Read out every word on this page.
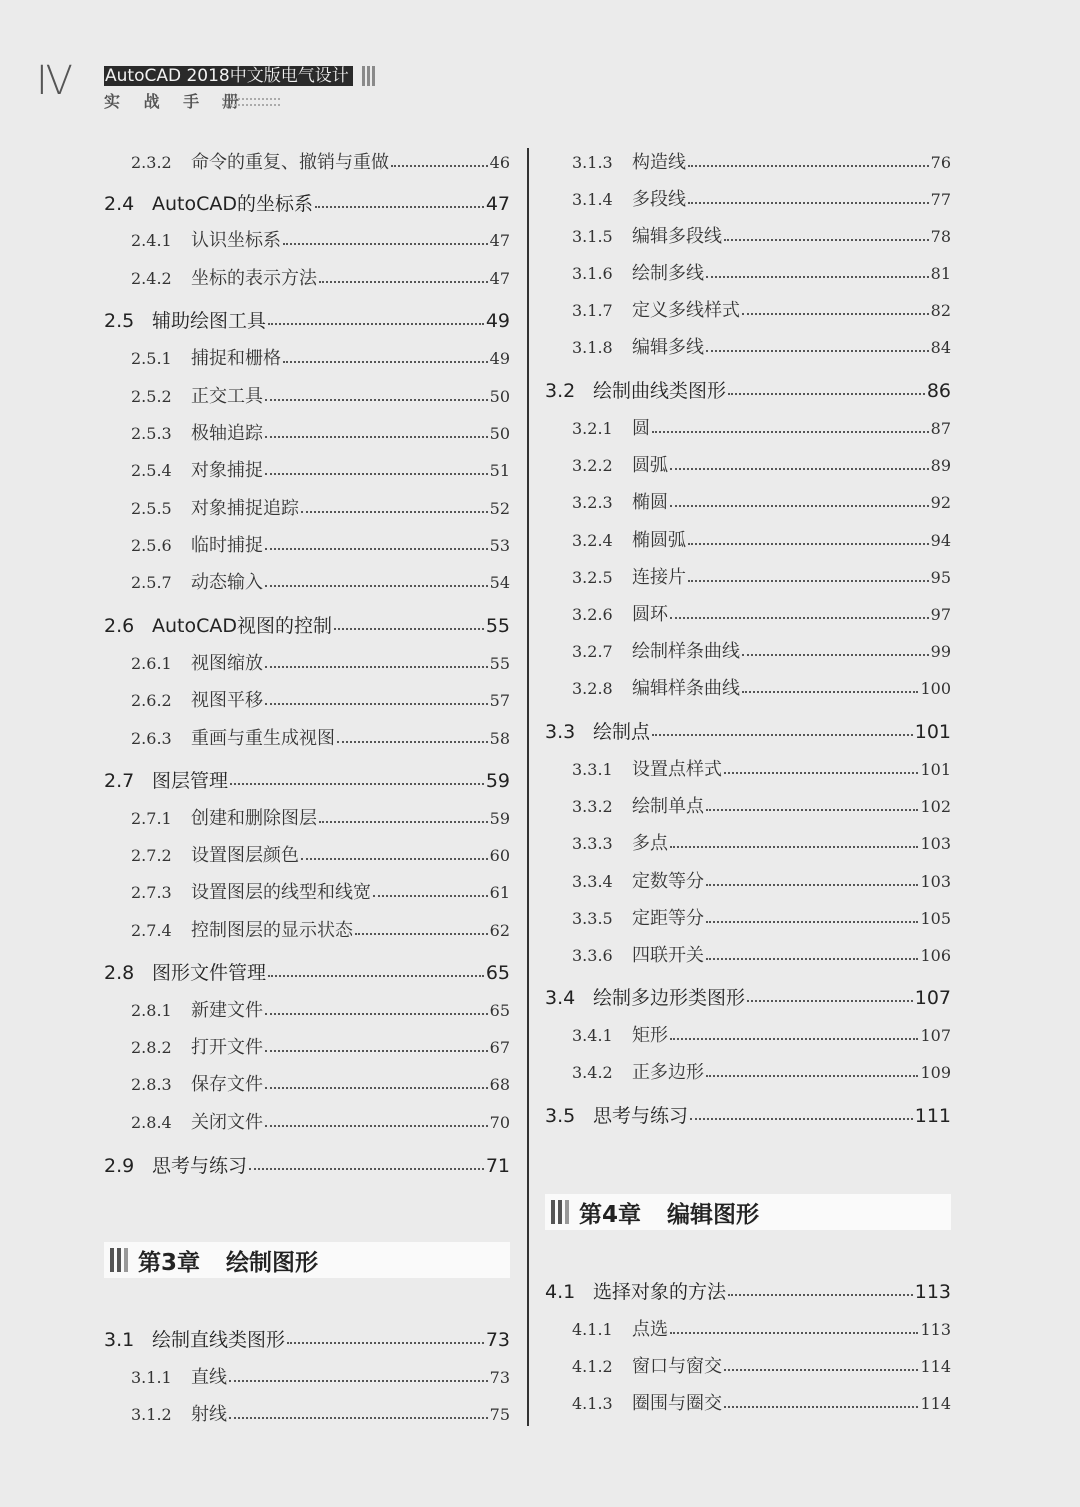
Ⅳ AutoCAD 2018中文版电气设计
实 战 手 册
2.3.2	命令的重复、撤销与重做	46
2.4 AutoCAD的坐标系	47
2.4.1	认识坐标系	47
2.4.2	坐标的表示方法	47
2.5 辅助绘图工具	49
2.5.1	捕捉和栅格	49
2.5.2	正交工具	50
2.5.3	极轴追踪	50
2.5.4	对象捕捉	51
2.5.5	对象捕捉追踪	52
2.5.6	临时捕捉	53
2.5.7	动态输入	54
2.6 AutoCAD视图的控制	55
2.6.1	视图缩放	55
2.6.2	视图平移	57
2.6.3	重画与重生成视图	58
2.7 图层管理	59
2.7.1	创建和删除图层	59
2.7.2	设置图层颜色	60
2.7.3	设置图层的线型和线宽	61
2.7.4	控制图层的显示状态	62
2.8 图形文件管理	65
2.8.1	新建文件	65
2.8.2	打开文件	67
2.8.3	保存文件	68
2.8.4	关闭文件	70
2.9 思考与练习	71
第3章 绘制图形
3.1 绘制直线类图形	73
3.1.1	直线	73
3.1.2	射线	75
3.1.3	构造线	76
3.1.4	多段线	77
3.1.5	编辑多段线	78
3.1.6	绘制多线	81
3.1.7	定义多线样式	82
3.1.8	编辑多线	84
3.2 绘制曲线类图形	86
3.2.1	圆	87
3.2.2	圆弧	89
3.2.3	椭圆	92
3.2.4	椭圆弧	94
3.2.5	连接片	95
3.2.6	圆环	97
3.2.7	绘制样条曲线	99
3.2.8	编辑样条曲线	100
3.3 绘制点	101
3.3.1	设置点样式	101
3.3.2	绘制单点	102
3.3.3	多点	103
3.3.4	定数等分	103
3.3.5	定距等分	105
3.3.6	四联开关	106
3.4 绘制多边形类图形	107
3.4.1	矩形	107
3.4.2	正多边形	109
3.5 思考与练习	111
第4章 编辑图形
4.1 选择对象的方法	113
4.1.1	点选	113
4.1.2	窗口与窗交	114
4.1.3	圈围与圈交	114
